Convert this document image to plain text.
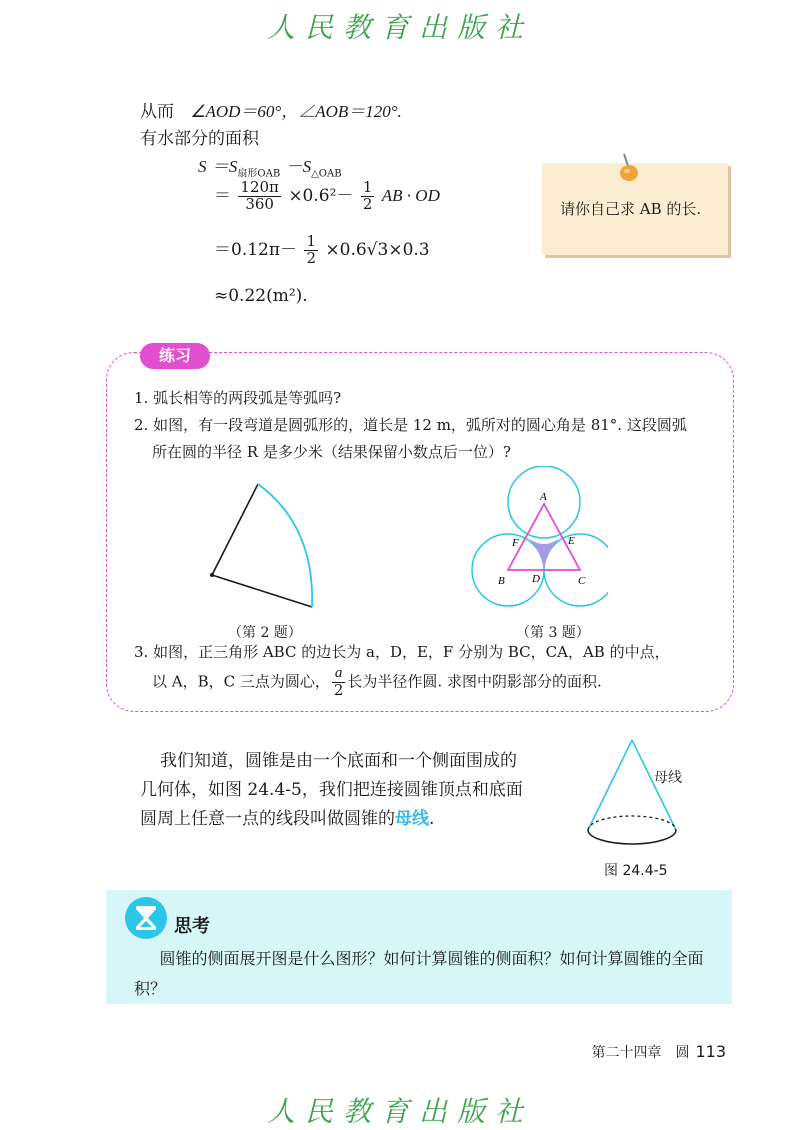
人民教育出版社
从而 ∠AOD＝60°，∠AOB＝120°.
有水部分的面积
$S =S_{扇形OAB} -S_{\triangle OAB}$
＝ $\frac{120\pi}{360} \times 0.6^2- \frac{1}{2}$ AB · OD
$=0.12\pi- \frac{1}{2} \times 0.6√3\times 0.3$
≈0.22(m²).
请你自己求 AB 的长.
练习
1. 弧长相等的两段弧是等弧吗?
2. 如图，有一段弯道是圆弧形的，道长是 12 m，弧所对的圆心角是 81°. 这段圆弧
所在圆的半径 R 是多少米（结果保留小数点后一位）?
（第 2 题）
A
B	C
D
E
F
（第 3 题）
3. 如图，正三角形 ABC 的边长为 a，D，E，F 分别为 BC，CA，AB 的中点，
以 A，B，C 三点为圆心， $\frac{a}{2}$ 长为半径作圆. 求图中阴影部分的面积.
我们知道，圆锥是由一个底面和一个侧面围成的
几何体，如图 24.4-5，我们把连接圆锥顶点和底面
圆周上任意一点的线段叫做圆锥的母线.
母线
图 24.4-5
思考
圆锥的侧面展开图是什么图形？如何计算圆锥的侧面积？如何计算圆锥的全面积？
第二十四章　圆 113
人民教育出版社
